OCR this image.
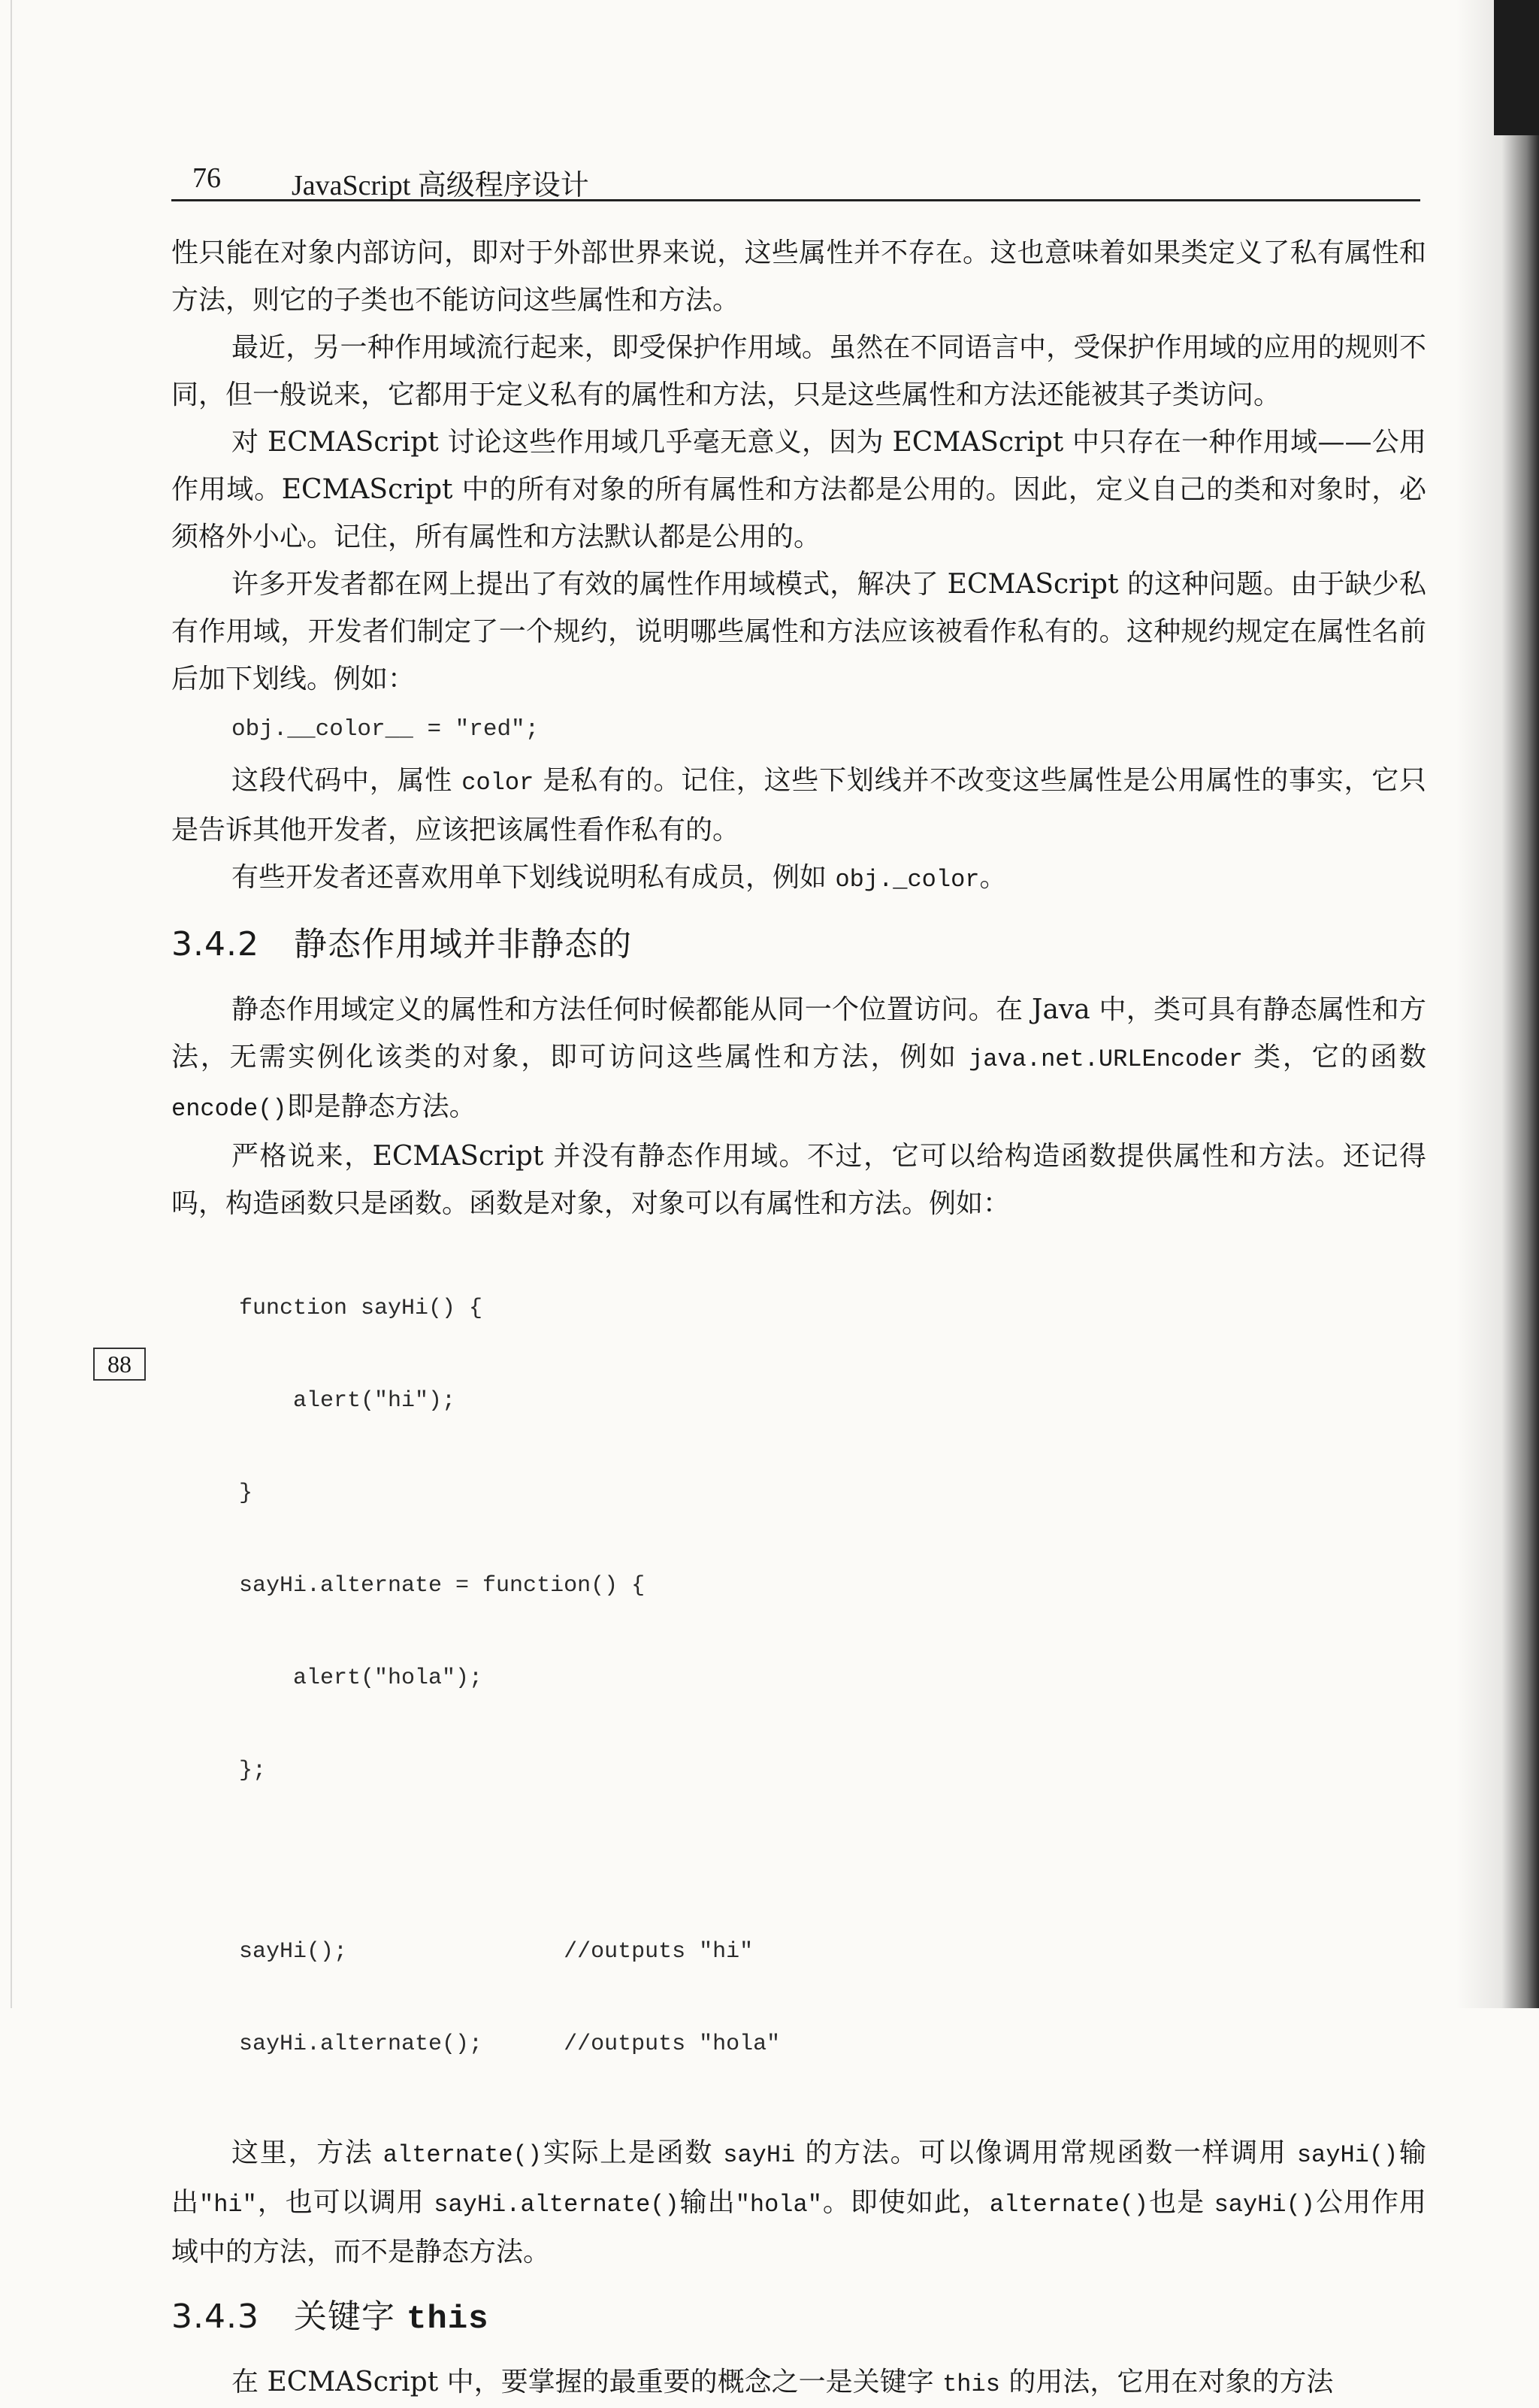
76 JavaScript 高级程序设计
88

性只能在对象内部访问，即对于外部世界来说，这些属性并不存在。这也意味着如果类定义了私有属性和方法，则它的子类也不能访问这些属性和方法。

最近，另一种作用域流行起来，即受保护作用域。虽然在不同语言中，受保护作用域的应用的规则不同，但一般说来，它都用于定义私有的属性和方法，只是这些属性和方法还能被其子类访问。

对 ECMAScript 讨论这些作用域几乎毫无意义，因为 ECMAScript 中只存在一种作用域——公用作用域。ECMAScript 中的所有对象的所有属性和方法都是公用的。因此，定义自己的类和对象时，必须格外小心。记住，所有属性和方法默认都是公用的。

许多开发者都在网上提出了有效的属性作用域模式，解决了 ECMAScript 的这种问题。由于缺少私有作用域，开发者们制定了一个规约，说明哪些属性和方法应该被看作私有的。这种规约规定在属性名前后加下划线。例如：

obj.__color__ = "red";

这段代码中，属性 color 是私有的。记住，这些下划线并不改变这些属性是公用属性的事实，它只是告诉其他开发者，应该把该属性看作私有的。

有些开发者还喜欢用单下划线说明私有成员，例如 obj._color。

3.4.2 静态作用域并非静态的

静态作用域定义的属性和方法任何时候都能从同一个位置访问。在 Java 中，类可具有静态属性和方法，无需实例化该类的对象，即可访问这些属性和方法，例如 java.net.URLEncoder 类，它的函数 encode()即是静态方法。

严格说来，ECMAScript 并没有静态作用域。不过，它可以给构造函数提供属性和方法。还记得吗，构造函数只是函数。函数是对象，对象可以有属性和方法。例如：

function sayHi() {

alert("hi");

}

sayHi.alternate = function() {

alert("hola");

};

sayHi();                //outputs "hi"

sayHi.alternate();      //outputs "hola"

这里，方法 alternate()实际上是函数 sayHi 的方法。可以像调用常规函数一样调用 sayHi()输出"hi"，也可以调用 sayHi.alternate()输出"hola"。即使如此，alternate()也是 sayHi()公用作用域中的方法，而不是静态方法。

3.4.3 关键字 this

在 ECMAScript 中，要掌握的最重要的概念之一是关键字 this 的用法，它用在对象的方法
